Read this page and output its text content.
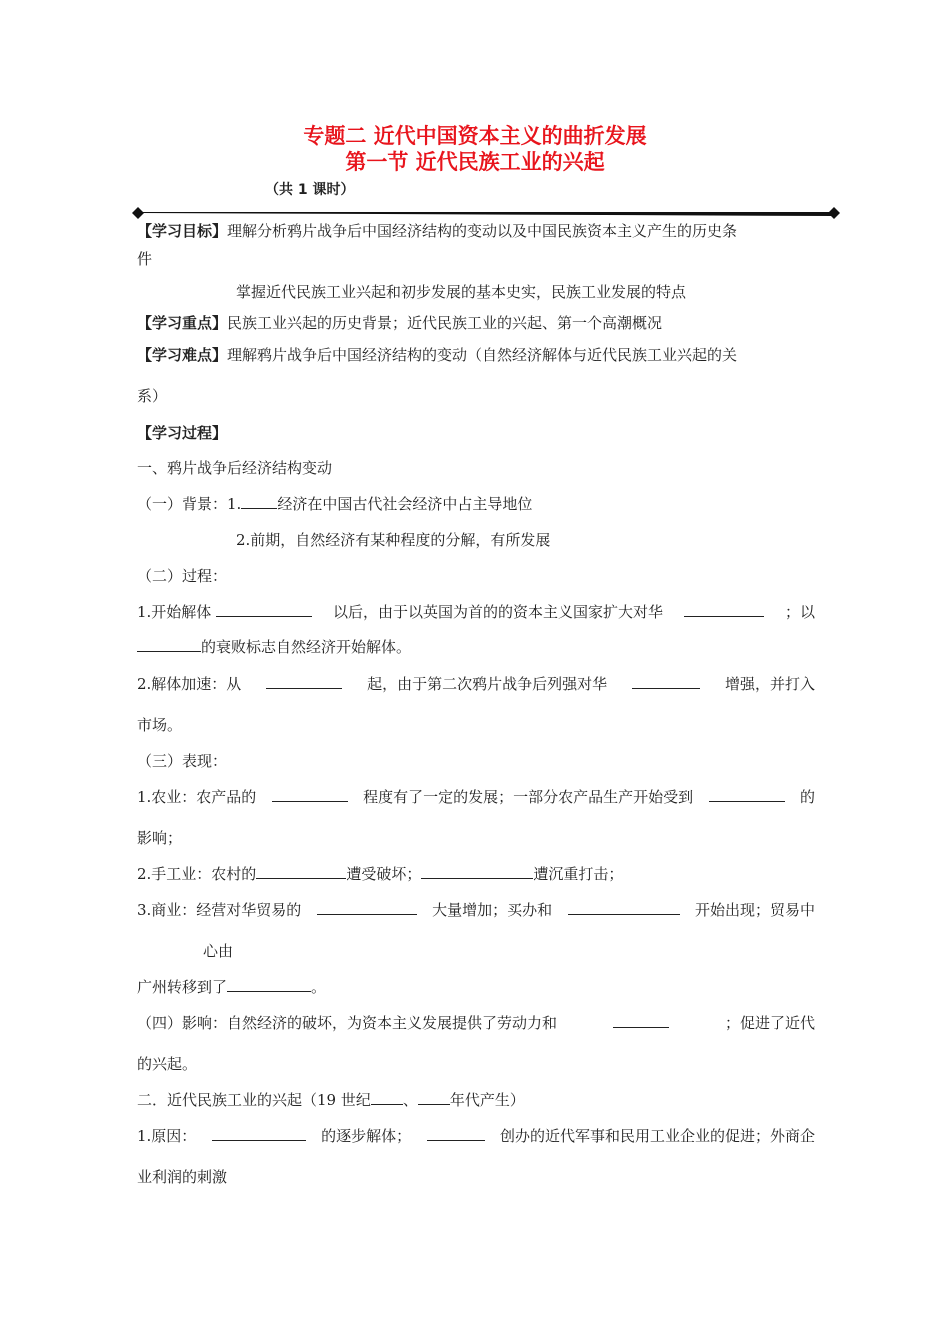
专题二 近代中国资本主义的曲折发展
第一节 近代民族工业的兴起
（共 1 课时）
【学习目标】理解分析鸦片战争后中国经济结构的变动以及中国民族资本主义产生的历史条
件
掌握近代民族工业兴起和初步发展的基本史实，民族工业发展的特点
【学习重点】民族工业兴起的历史背景；近代民族工业的兴起、第一个高潮概况
【学习难点】理解鸦片战争后中国经济结构的变动（自然经济解体与近代民族工业兴起的关
系）
【学习过程】
一、鸦片战争后经济结构变动
（一）背景：1. 经济在中国古代社会经济中占主导地位
2.前期，自然经济有某种程度的分解，有所发展
（二）过程：
1.开始解体	以后，由于以英国为首的的资本主义国家扩大对华	；以
的衰败标志自然经济开始解体。
2.解体加速：从	起，由于第二次鸦片战争后列强对华	增强，并打入
市场。
（三）表现：
1.农业：农产品的	程度有了一定的发展；一部分农产品生产开始受到	的
影响；
2.手工业：农村的	遭受破坏；	遭沉重打击；
3.商业：经营对华贸易的	大量增加；买办和	开始出现；贸易中
心由
广州转移到了	。
（四）影响：自然经济的破坏，为资本主义发展提供了劳动力和	；促进了近代
的兴起。
二．近代民族工业的兴起（19 世纪 、 年代产生）
1.原因：	的逐步解体；	创办的近代军事和民用工业企业的促进；外商企
业利润的刺激
